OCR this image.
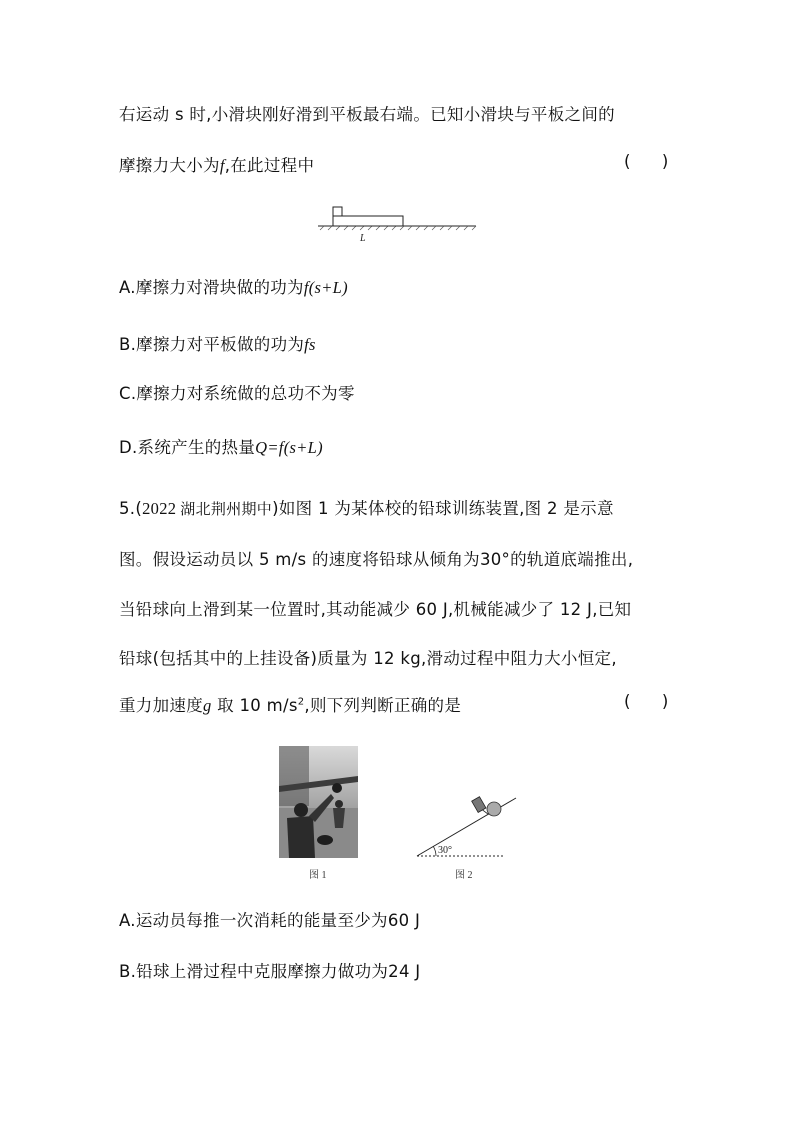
右运动 s 时,小滑块刚好滑到平板最右端。已知小滑块与平板之间的
摩擦力大小为f,在此过程中	(      )
L
A.摩擦力对滑块做的功为f(s+L)
B.摩擦力对平板做的功为fs
C.摩擦力对系统做的总功不为零
D.系统产生的热量Q=f(s+L)
5.(2022 湖北荆州期中)如图 1 为某体校的铅球训练装置,图 2 是示意
图。假设运动员以 5 m/s 的速度将铅球从倾角为30°的轨道底端推出,
当铅球向上滑到某一位置时,其动能减少 60 J,机械能减少了 12 J,已知
铅球(包括其中的上挂设备)质量为 12 kg,滑动过程中阻力大小恒定,
重力加速度g 取 10 $m/s^2$,则下列判断正确的是	(      )
图 1
30°
图 2
A.运动员每推一次消耗的能量至少为60 J
B.铅球上滑过程中克服摩擦力做功为24 J
